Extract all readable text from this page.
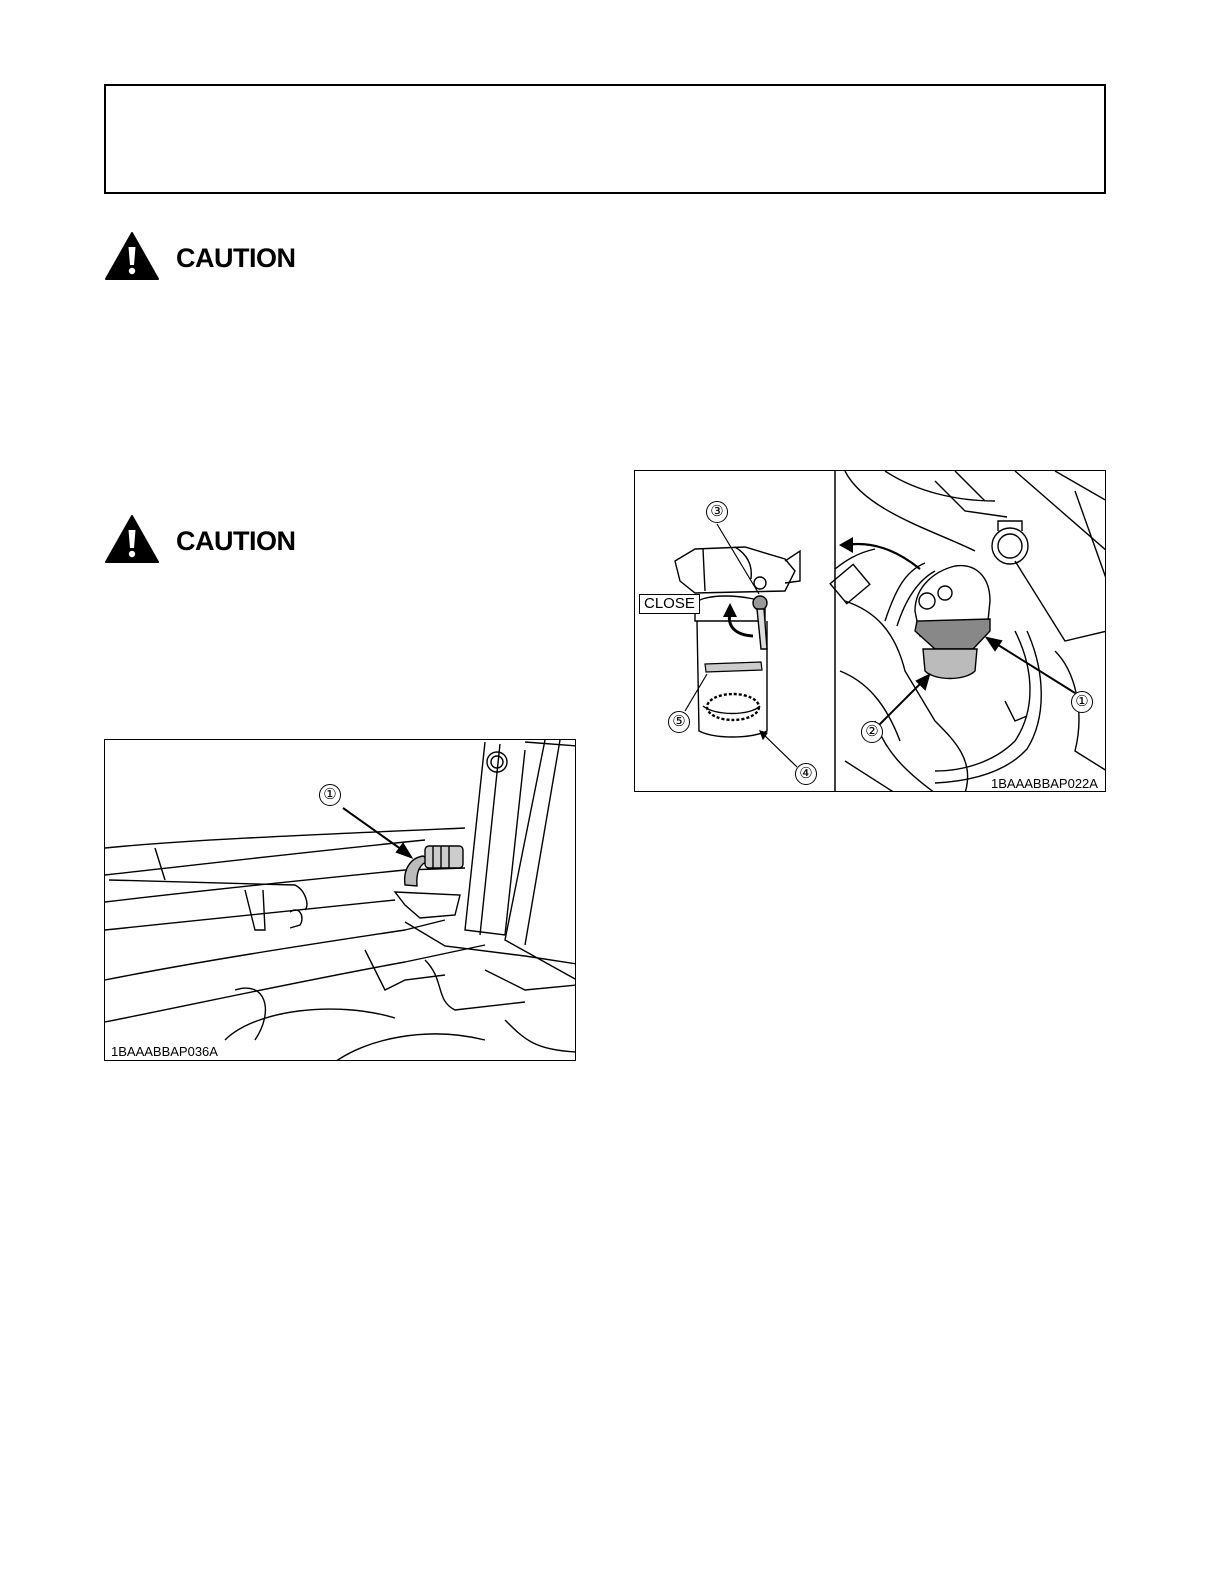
CAUTION
CAUTION
①
1BAAABBAP036A
③
⑤
④
①
②
CLOSE
1BAAABBAP022A
